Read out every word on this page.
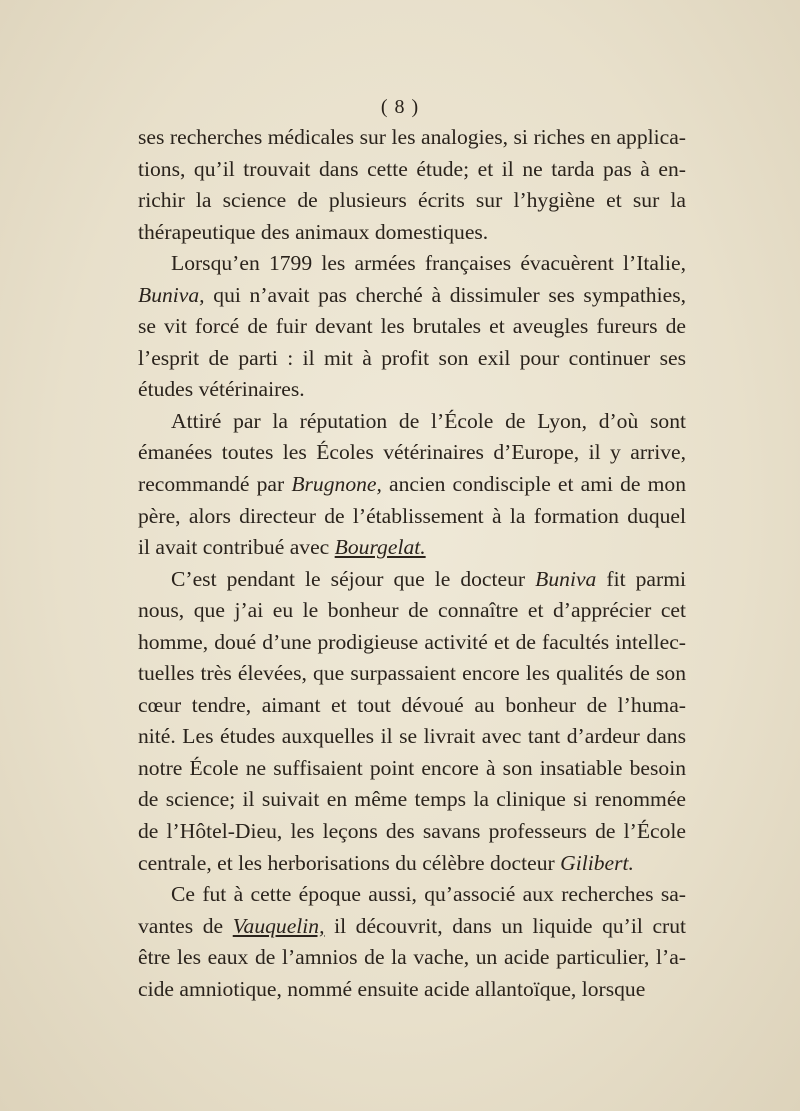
( 8 )
ses recherches médicales sur les analogies, si riches en applica-
tions, qu’il trouvait dans cette étude; et il ne tarda pas à en-
richir la science de plusieurs écrits sur l’hygiène et sur la
thérapeutique des animaux domestiques.
Lorsqu’en 1799 les armées françaises évacuèrent l’Italie,
Buniva, qui n’avait pas cherché à dissimuler ses sympathies,
se vit forcé de fuir devant les brutales et aveugles fureurs de
l’esprit de parti : il mit à profit son exil pour continuer ses
études vétérinaires.
Attiré par la réputation de l’École de Lyon, d’où sont
émanées toutes les Écoles vétérinaires d’Europe, il y arrive,
recommandé par Brugnone, ancien condisciple et ami de mon
père, alors directeur de l’établissement à la formation duquel
il avait contribué avec Bourgelat.
C’est pendant le séjour que le docteur Buniva fit parmi
nous, que j’ai eu le bonheur de connaître et d’apprécier cet
homme, doué d’une prodigieuse activité et de facultés intellec-
tuelles très élevées, que surpassaient encore les qualités de son
cœur tendre, aimant et tout dévoué au bonheur de l’huma-
nité. Les études auxquelles il se livrait avec tant d’ardeur dans
notre École ne suffisaient point encore à son insatiable besoin
de science; il suivait en même temps la clinique si renommée
de l’Hôtel-Dieu, les leçons des savans professeurs de l’École
centrale, et les herborisations du célèbre docteur Gilibert.
Ce fut à cette époque aussi, qu’associé aux recherches sa-
vantes de Vauquelin, il découvrit, dans un liquide qu’il crut
être les eaux de l’amnios de la vache, un acide particulier, l’a-
cide amniotique, nommé ensuite acide allantoïque, lorsque
